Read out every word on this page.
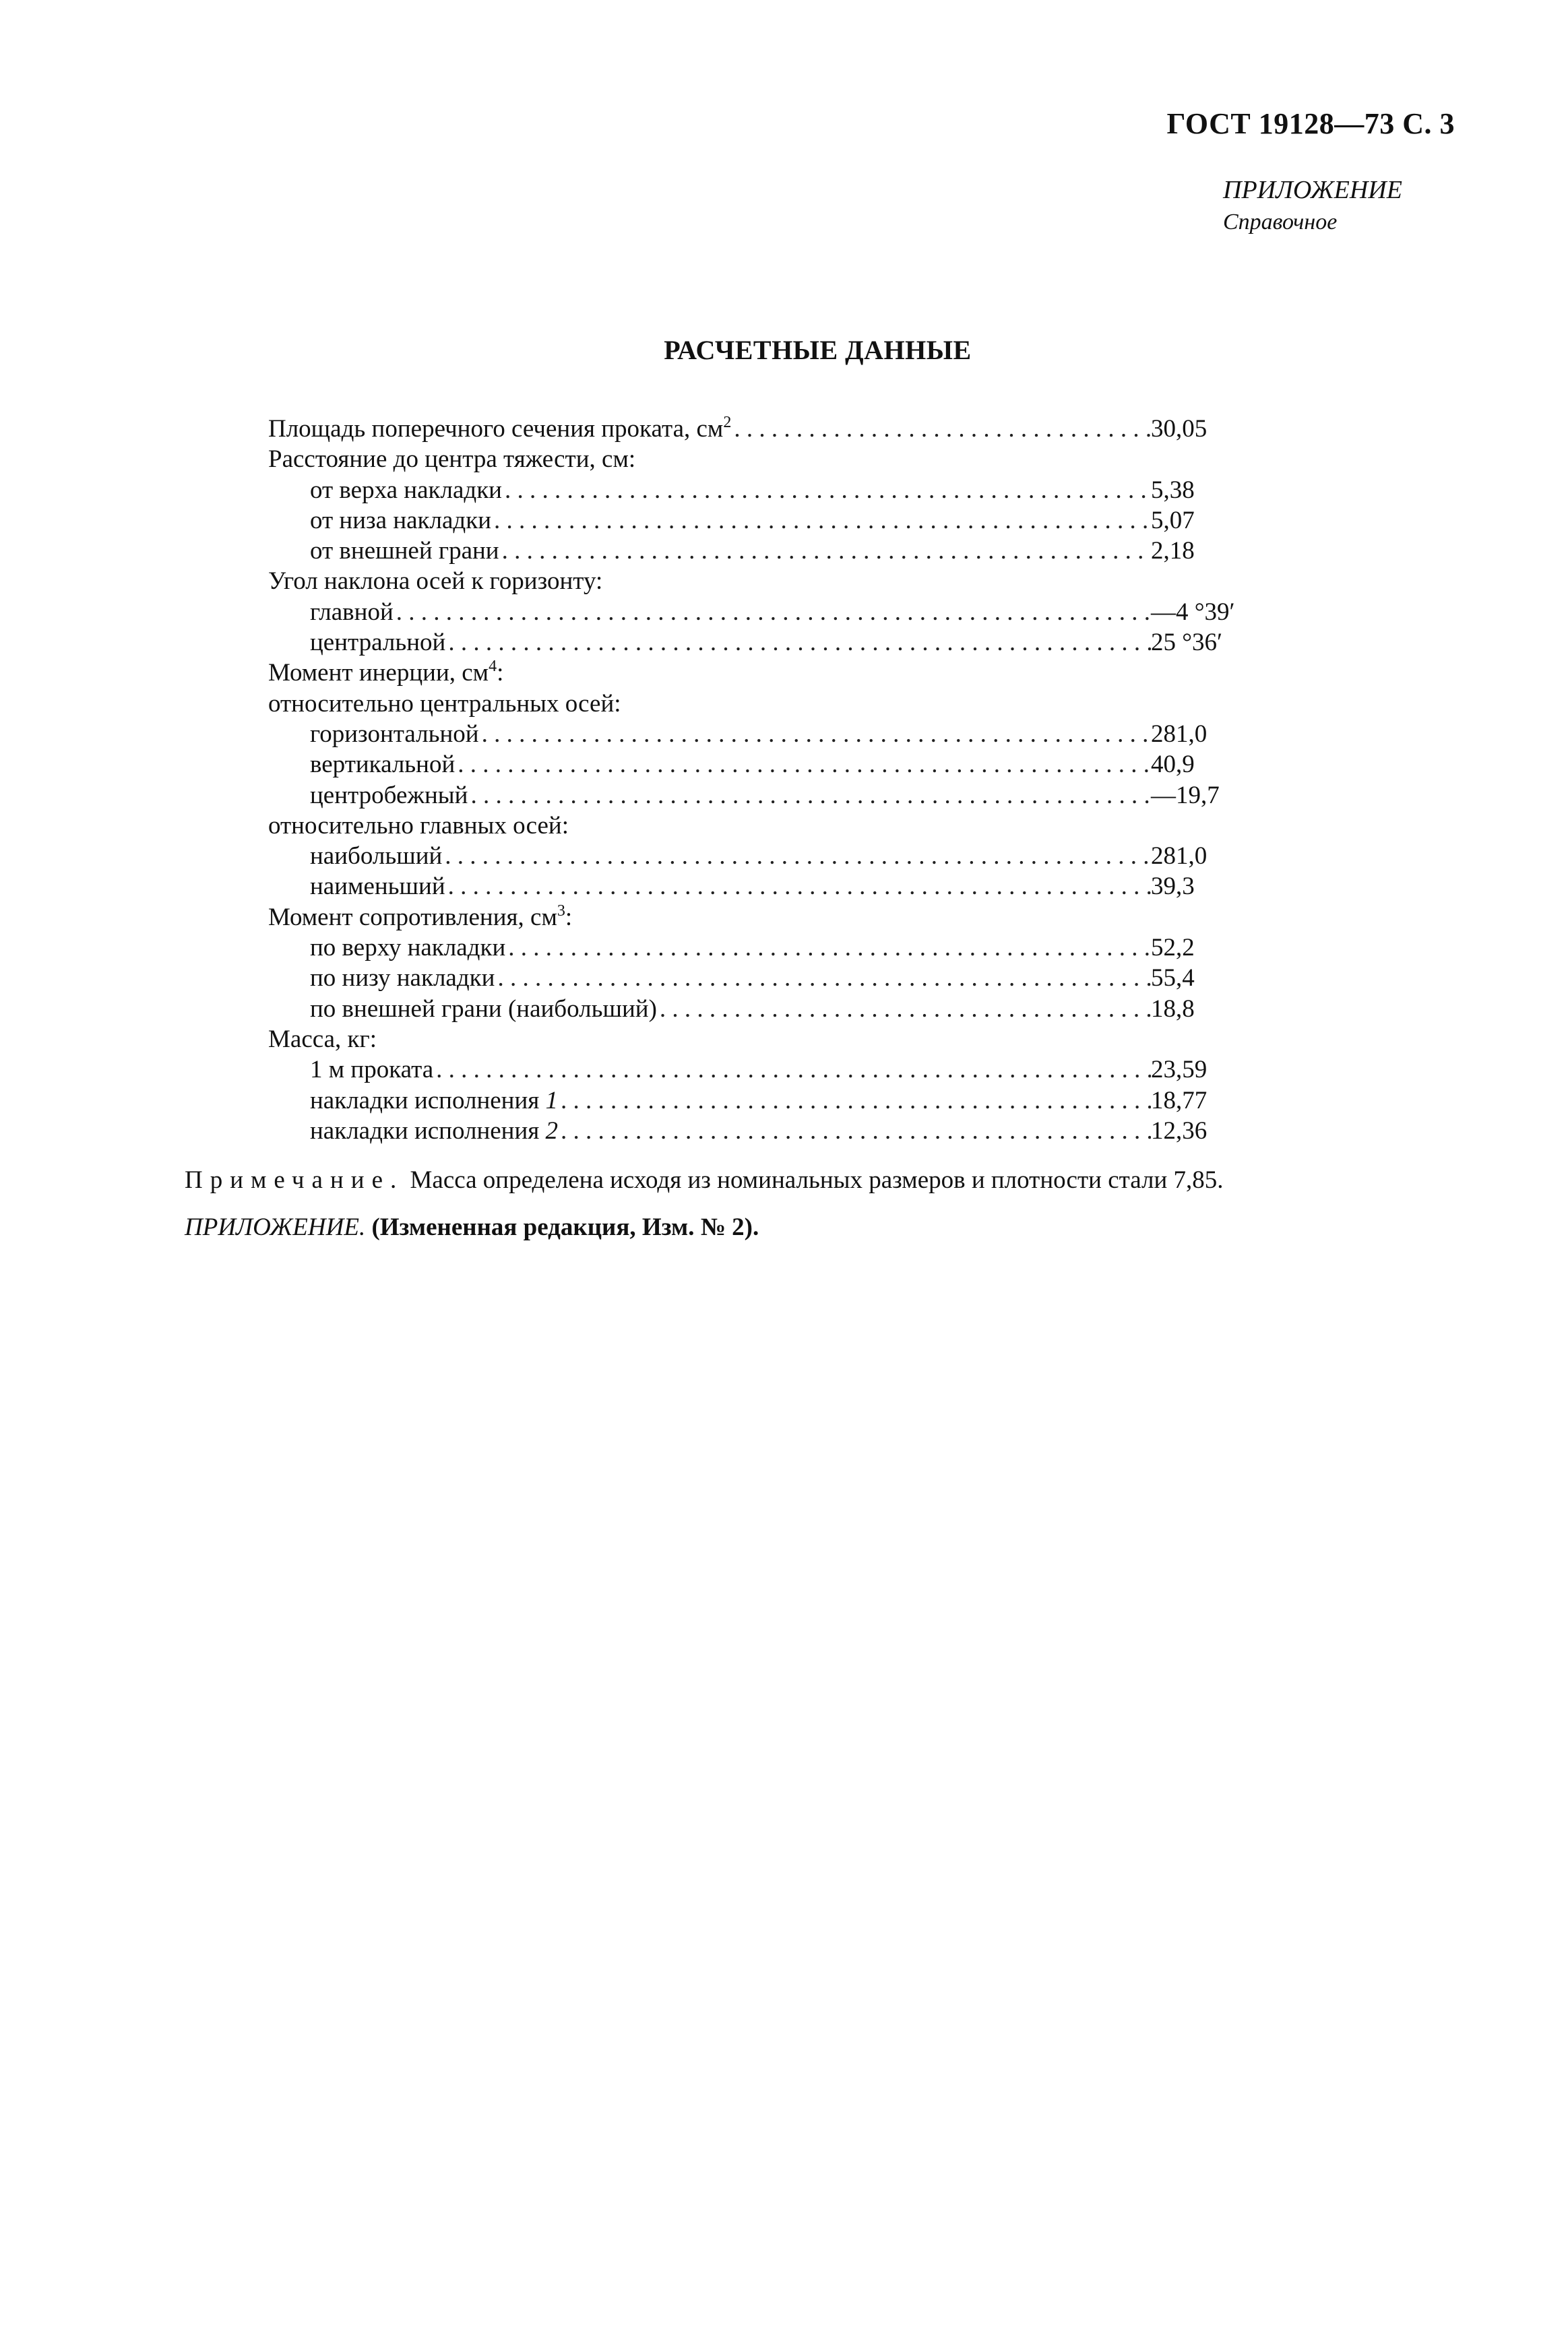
ГОСТ 19128—73 С. 3
ПРИЛОЖЕНИЕ
Справочное
РАСЧЕТНЫЕ ДАННЫЕ
Площадь поперечного сечения проката, $см^2$ . . .	30,05
Расстояние до центра тяжести, см:
от верха накладки . . .	5,38
от низа накладки . . .	5,07
от внешней грани . . .	2,18
Угол наклона осей к горизонту:
главной . . .	—4 °39′
центральной . . .	25 °36′
Момент инерции, $см^4$:
относительно центральных осей:
горизонтальной . . .	281,0
вертикальной . . .	40,9
центробежный . . .	—19,7
относительно главных осей:
наибольший . . .	281,0
наименьший . . .	39,3
Момент сопротивления, $см^3$:
по верху накладки . . .	52,2
по низу накладки . . .	55,4
по внешней грани (наибольший) . . .	18,8
Масса, кг:
1 м проката . . .	23,59
накладки исполнения 1 . . .	18,77
накладки исполнения 2 . . .	12,36
Примечание. Масса определена исходя из номинальных размеров и плотности стали 7,85.
ПРИЛОЖЕНИЕ. (Измененная редакция, Изм. № 2).
